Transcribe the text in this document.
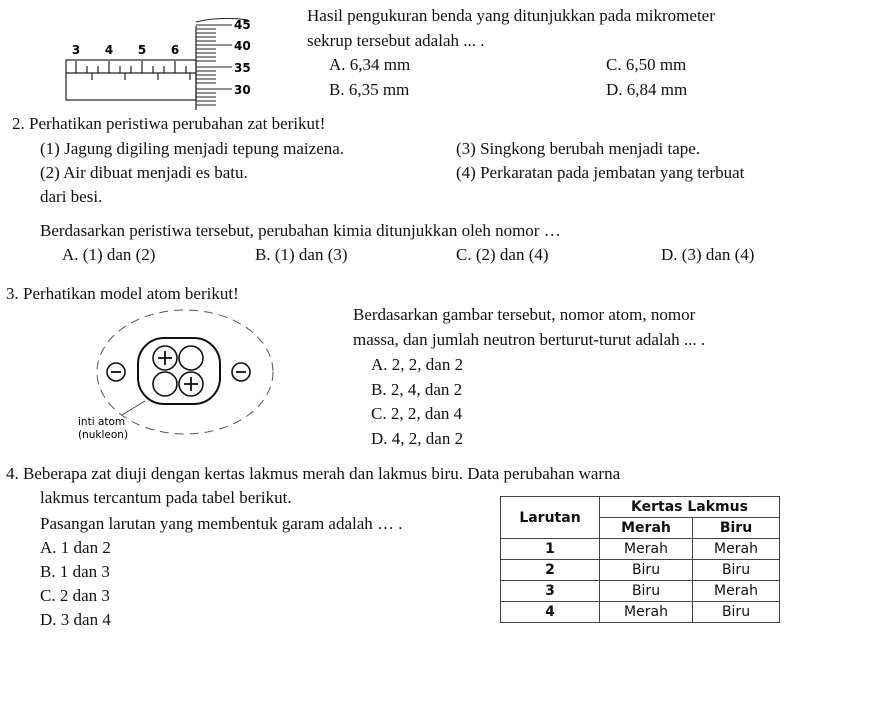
3 4 5 6
45
40
35
30
Hasil pengukuran benda yang ditunjukkan pada mikrometer
sekrup tersebut adalah ... .
A. 6,34 mm
B. 6,35 mm
C. 6,50 mm
D. 6,84 mm
2. Perhatikan peristiwa perubahan zat berikut!
(1) Jagung digiling menjadi tepung maizena.	(3) Singkong berubah menjadi tape.
(2) Air dibuat menjadi es batu.	(4) Perkaratan pada jembatan yang terbuat
dari besi.
Berdasarkan peristiwa tersebut, perubahan kimia ditunjukkan oleh nomor …
A. (1) dan (2)	B. (1) dan (3)	C. (2) dan (4)	D. (3) dan (4)
3. Perhatikan model atom berikut!
inti atom
(nukleon)
Berdasarkan gambar tersebut, nomor atom, nomor
massa, dan jumlah neutron berturut-turut adalah ... .
A. 2, 2, dan 2
B. 2, 4, dan 2
C. 2, 2, dan 4
D. 4, 2, dan 2
4. Beberapa zat diuji dengan kertas lakmus merah dan lakmus biru. Data perubahan warna
lakmus tercantum pada tabel berikut.
Pasangan larutan yang membentuk garam adalah … .
A. 1 dan 2
B. 1 dan 3
C. 2 dan 3
D. 3 dan 4
Larutan	Kertas Lakmus	
	Merah	Biru
1	Merah	Merah
2	Biru	Biru
3	Biru	Merah
4	Merah	Biru
